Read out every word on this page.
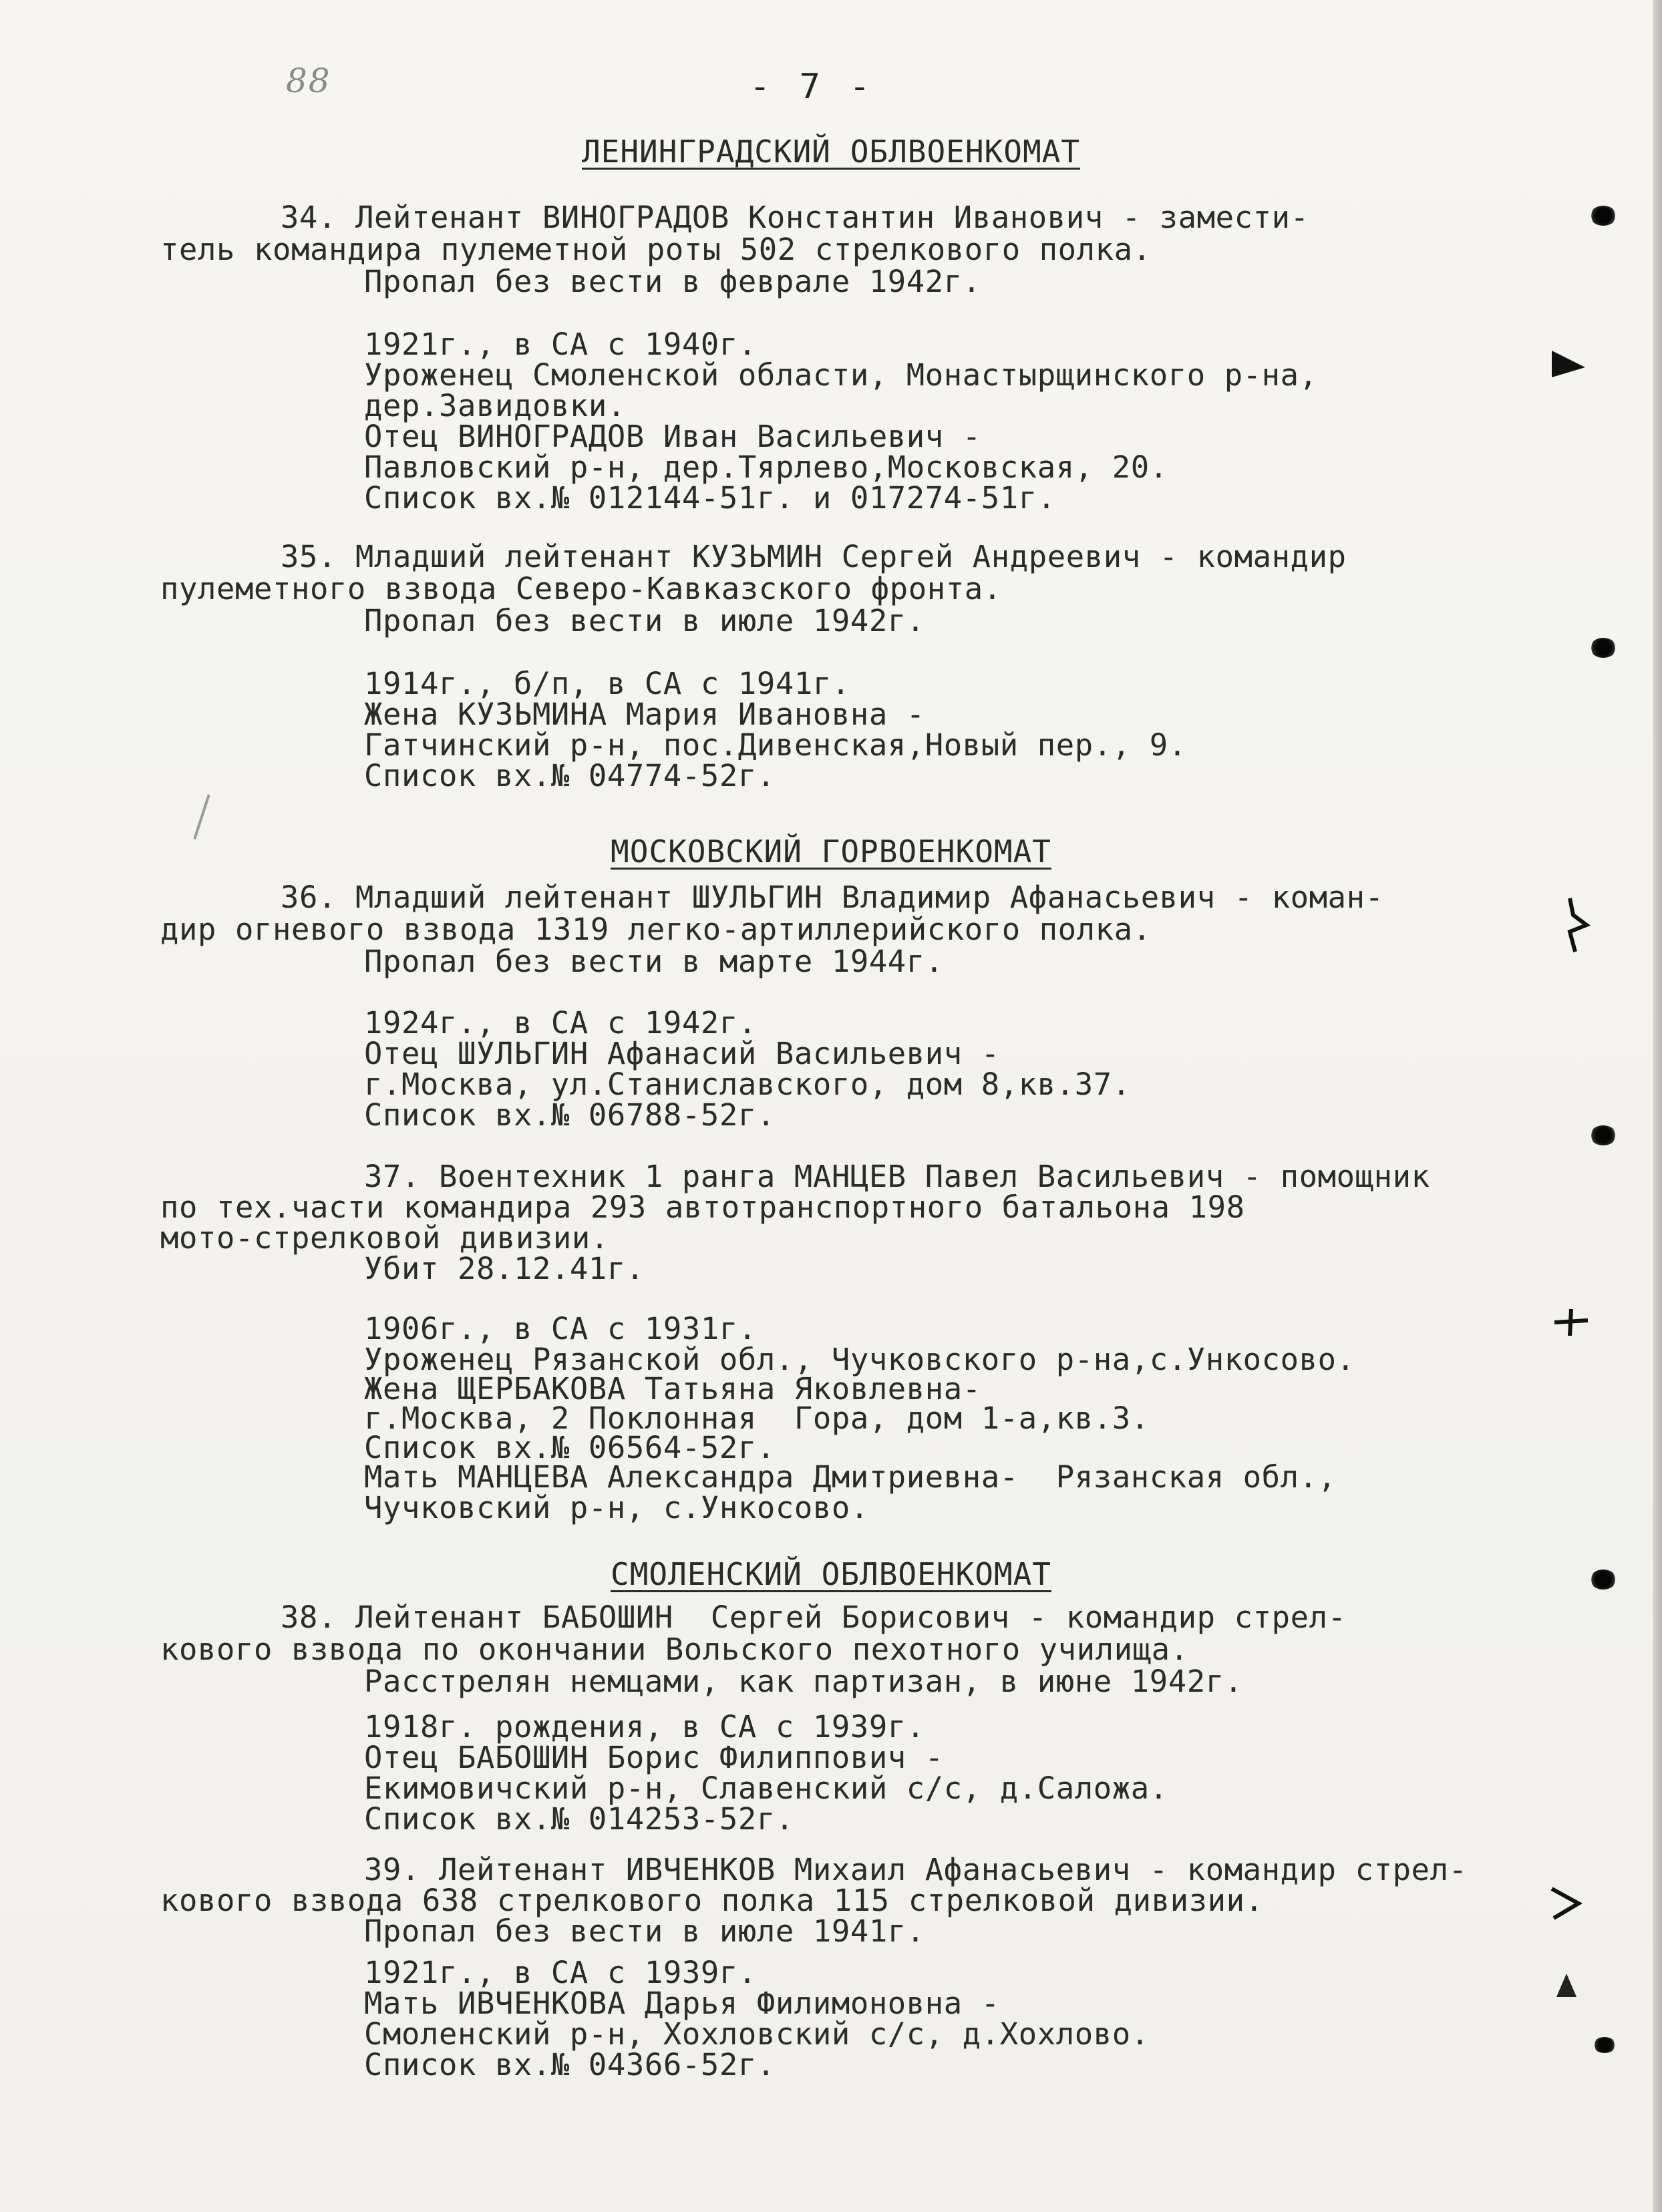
88	- 7 -
ЛЕНИНГРАДСКИЙ ОБЛВОЕНКОМАТ
34. Лейтенант ВИНОГРАДОВ Константин Иванович - замести-
тель командира пулеметной роты 502 стрелкового полка.
Пропал без вести в феврале 1942г.
1921г., в СА с 1940г.
Уроженец Смоленской области, Монастырщинского р-на,
дер.Завидовки.
Отец ВИНОГРАДОВ Иван Васильевич -
Павловский р-н, дер.Тярлево,Московская, 20.
Список вх.№ 012144-51г. и 017274-51г.
35. Младший лейтенант КУЗЬМИН Сергей Андреевич - командир
пулеметного взвода Северо-Кавказского фронта.
Пропал без вести в июле 1942г.
1914г., б/п, в СА с 1941г.
Жена КУЗЬМИНА Мария Ивановна -
Гатчинский р-н, пос.Дивенская,Новый пер., 9.
Список вх.№ 04774-52г.
МОСКОВСКИЙ ГОРВОЕНКОМАТ
36. Младший лейтенант ШУЛЬГИН Владимир Афанасьевич - коман-
дир огневого взвода 1319 легко-артиллерийского полка.
Пропал без вести в марте 1944г.
1924г., в СА с 1942г.
Отец ШУЛЬГИН Афанасий Васильевич -
г.Москва, ул.Станиславского, дом 8,кв.37.
Список вх.№ 06788-52г.
37. Воентехник 1 ранга МАНЦЕВ Павел Васильевич - помощник
по тех.части командира 293 автотранспортного батальона 198
мото-стрелковой дивизии.
Убит 28.12.41г.
1906г., в СА с 1931г.
Уроженец Рязанской обл., Чучковского р-на,с.Ункосово.
Жена ЩЕРБАКОВА Татьяна Яковлевна-
г.Москва, 2 Поклонная  Гора, дом 1-а,кв.3.
Список вх.№ 06564-52г.
Мать МАНЦЕВА Александра Дмитриевна-  Рязанская обл.,
Чучковский р-н, с.Ункосово.
СМОЛЕНСКИЙ ОБЛВОЕНКОМАТ
38. Лейтенант БАБОШИН  Сергей Борисович - командир стрел-
кового взвода по окончании Вольского пехотного училища.
Расстрелян немцами, как партизан, в июне 1942г.
1918г. рождения, в СА с 1939г.
Отец БАБОШИН Борис Филиппович -
Екимовичский р-н, Славенский с/с, д.Саложа.
Список вх.№ 014253-52г.
39. Лейтенант ИВЧЕНКОВ Михаил Афанасьевич - командир стрел-
кового взвода 638 стрелкового полка 115 стрелковой дивизии.
Пропал без вести в июле 1941г.
1921г., в СА с 1939г.
Мать ИВЧЕНКОВА Дарья Филимоновна -
Смоленский р-н, Хохловский с/с, д.Хохлово.
Список вх.№ 04366-52г.
